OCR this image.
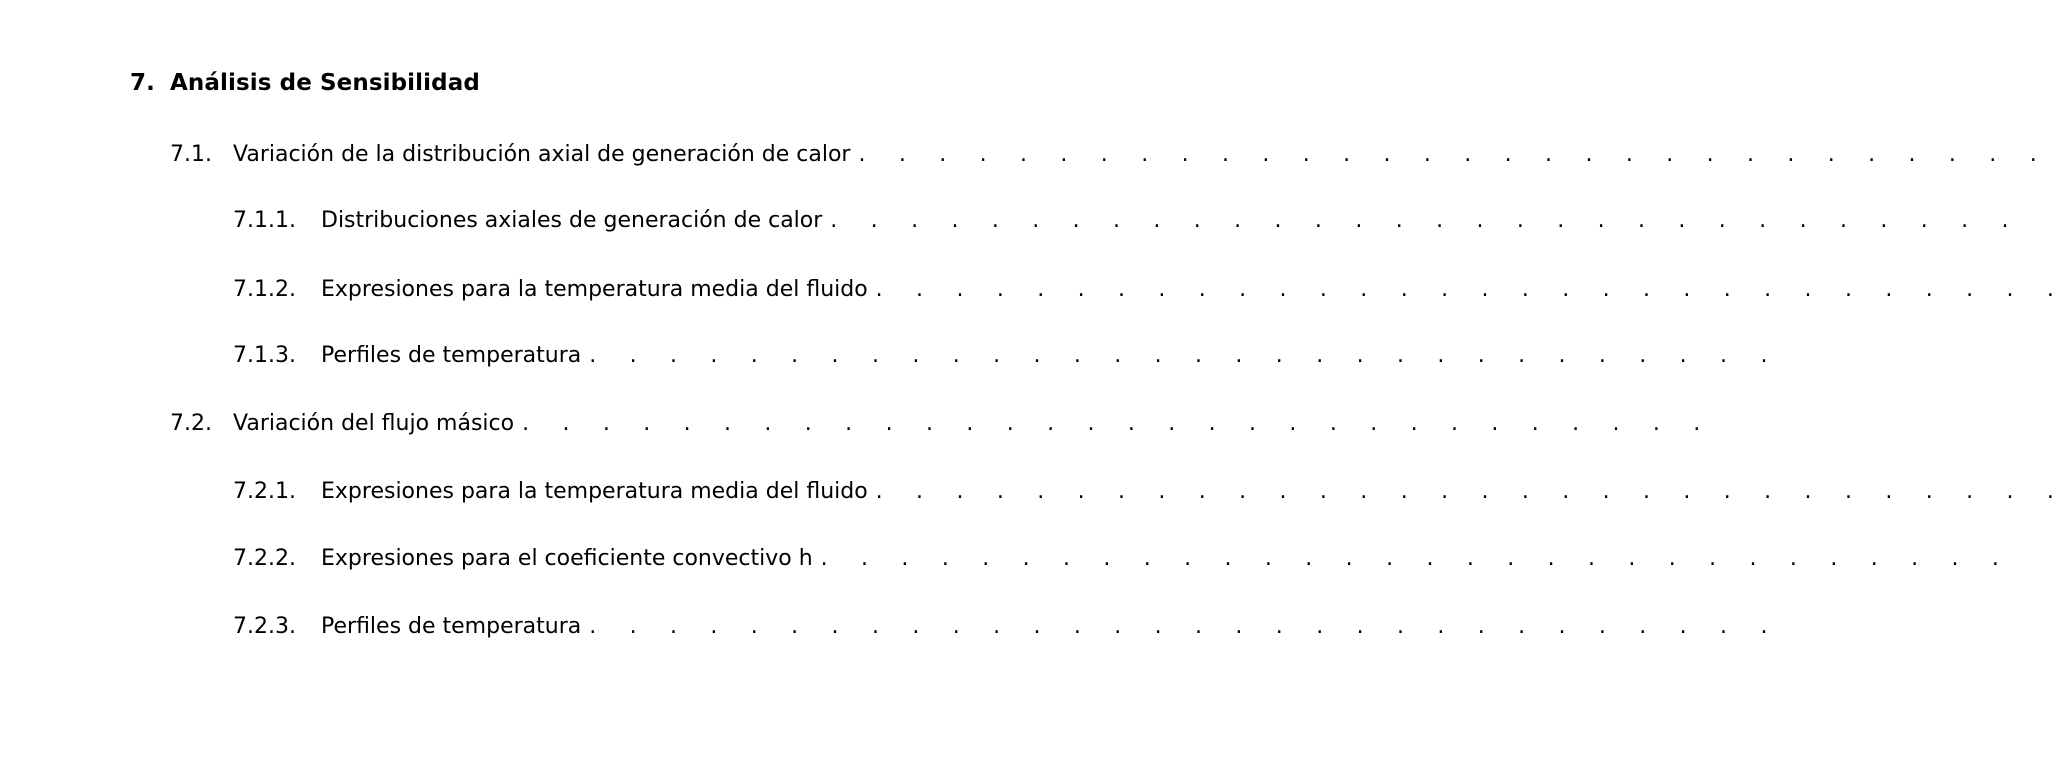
7. Análisis de Sensibilidad
7.1. Variación de la distribución axial de generación de calor . . . . . . . . . . . . . . . . . . . . . . . . . . . . . .
7.1.1.	Distribuciones axiales de generación de calor . . . . . . . . . . . . . . . . . . . . . . . . . . . . . .
7.1.2.	Expresiones para la temperatura media del fluido . . . . . . . . . . . . . . . . . . . . . . . . . . . . . .
7.1.3.	Perfiles de temperatura . . . . . . . . . . . . . . . . . . . . . . . . . . . . . .
7.2. Variación del flujo másico . . . . . . . . . . . . . . . . . . . . . . . . . . . . . .
7.2.1.	Expresiones para la temperatura media del fluido . . . . . . . . . . . . . . . . . . . . . . . . . . . . . .
7.2.2.	Expresiones para el coeficiente convectivo h . . . . . . . . . . . . . . . . . . . . . . . . . . . . . .
7.2.3.	Perfiles de temperatura . . . . . . . . . . . . . . . . . . . . . . . . . . . . . .
